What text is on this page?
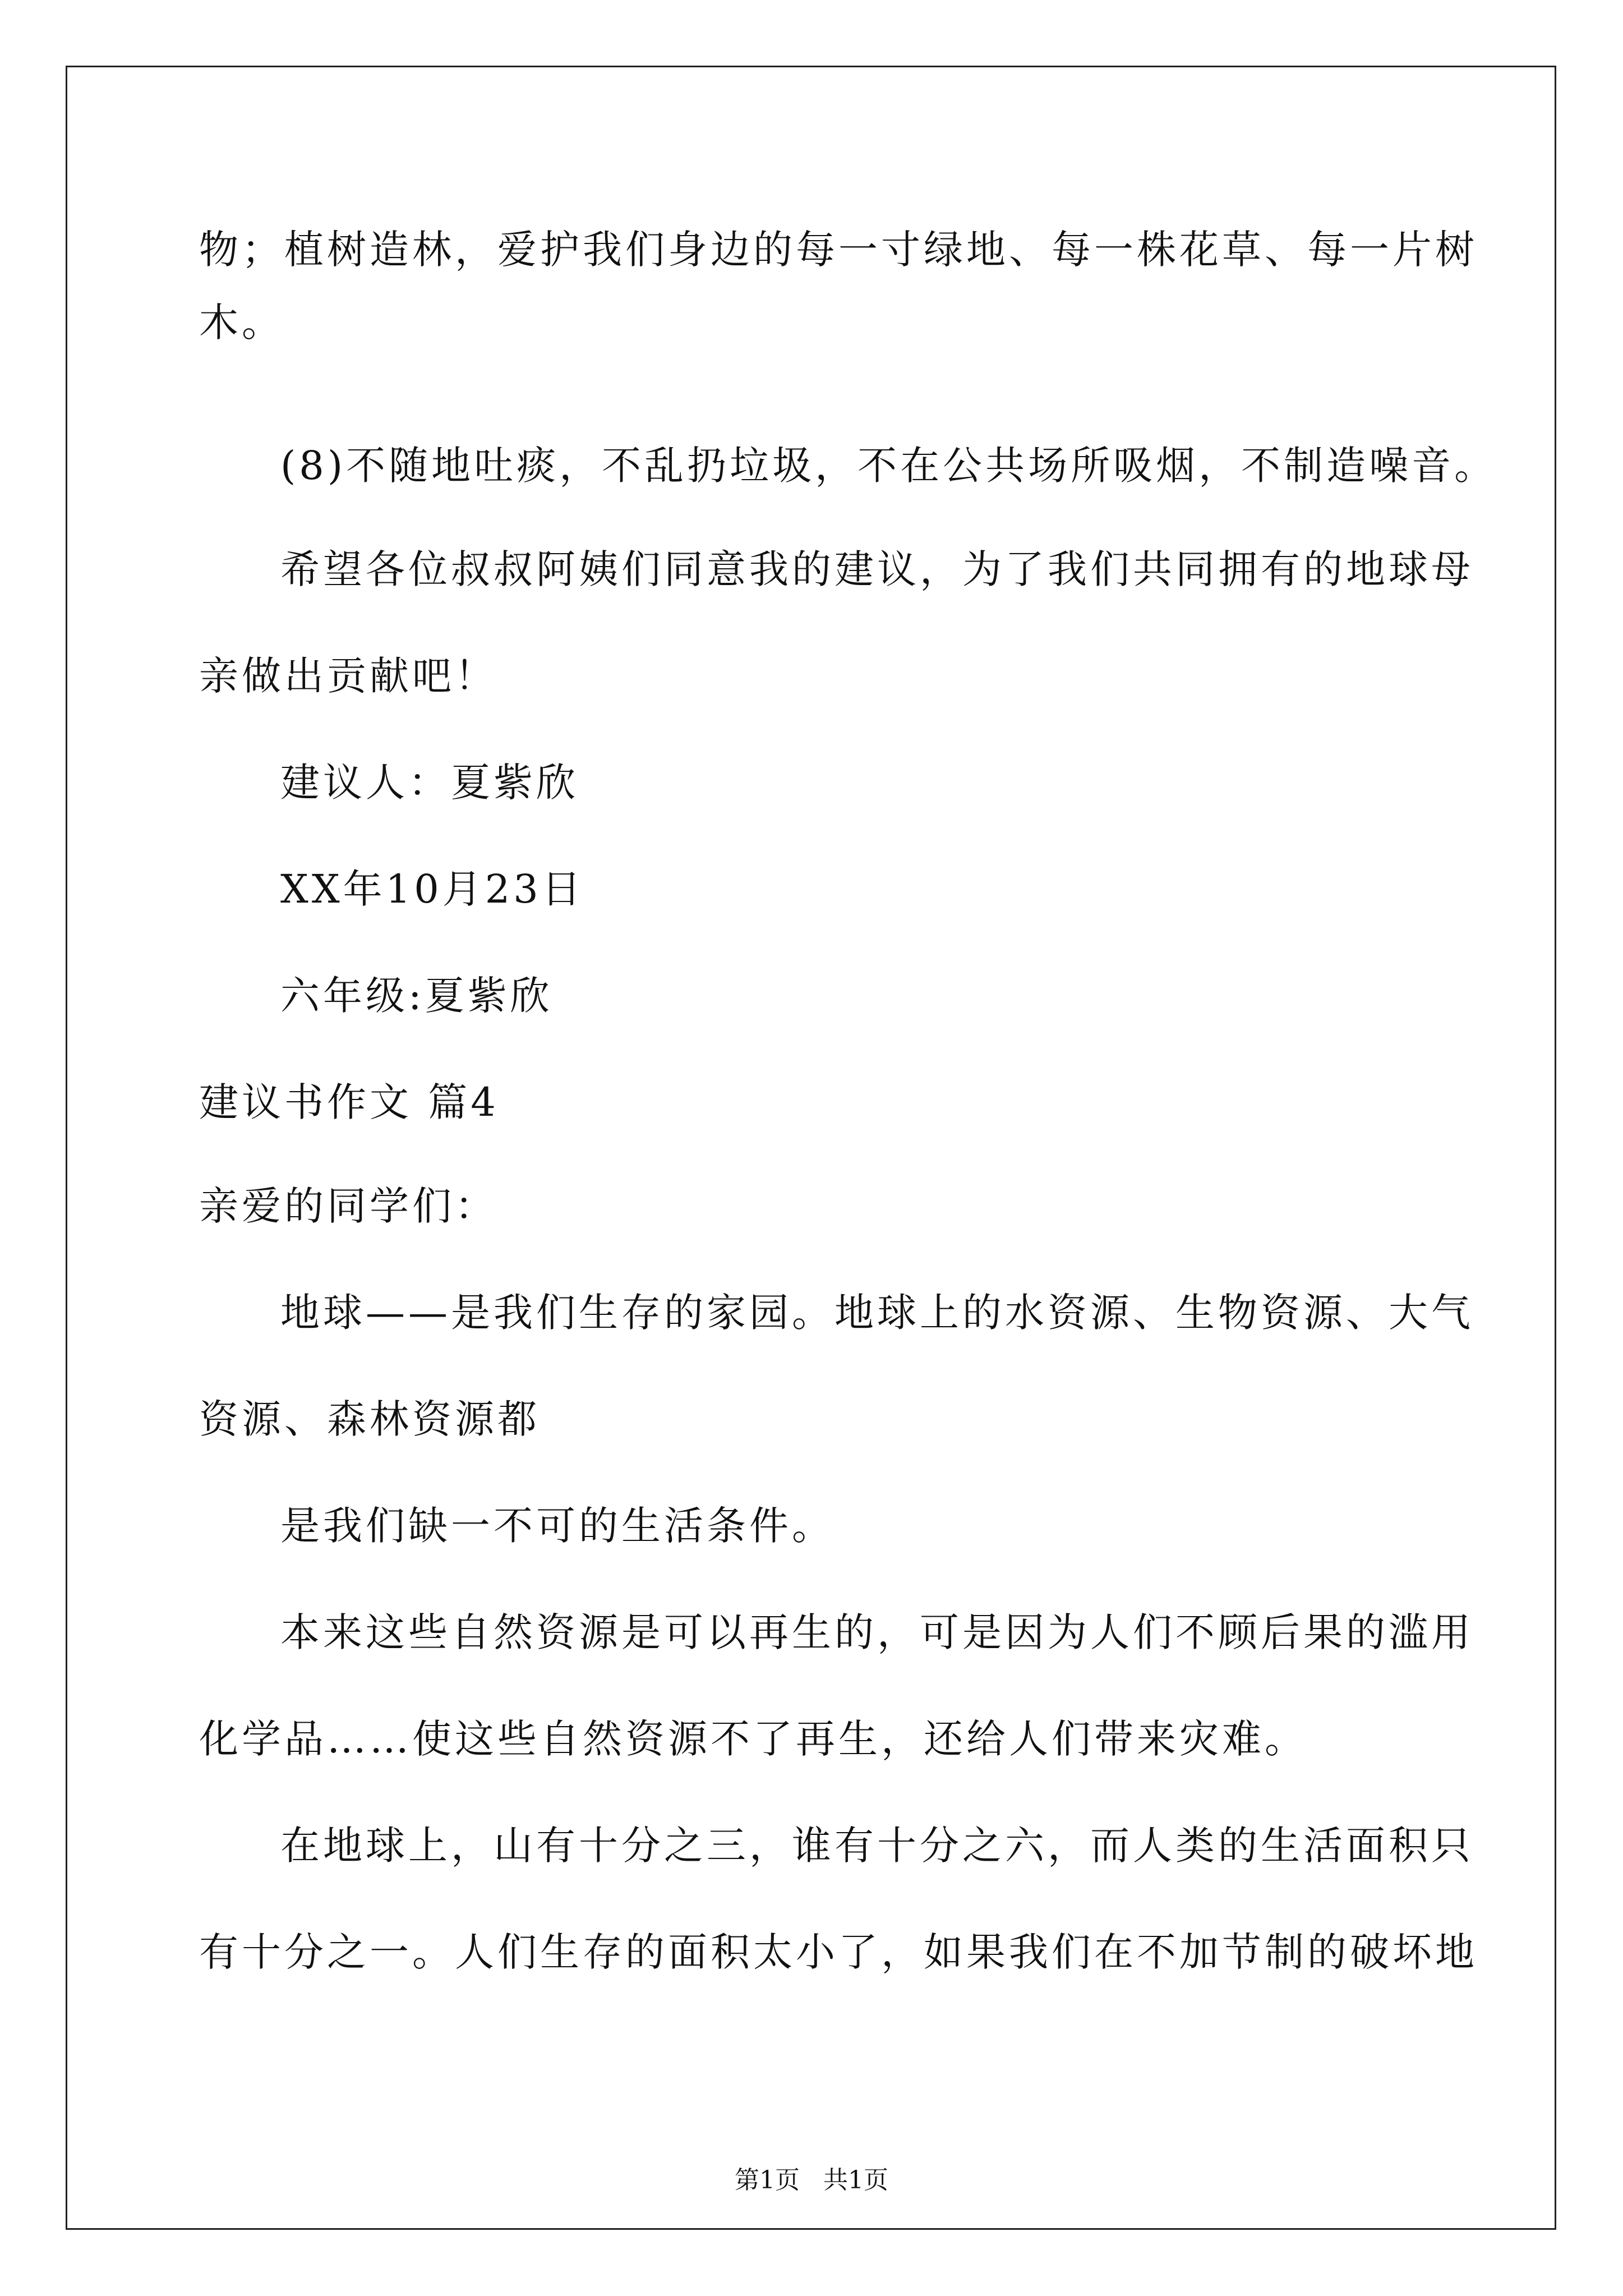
物；植树造林，爱护我们身边的每一寸绿地、每一株花草、每一片树
木。
(8)不随地吐痰，不乱扔垃圾，不在公共场所吸烟，不制造噪音。
希望各位叔叔阿姨们同意我的建议，为了我们共同拥有的地球母
亲做出贡献吧！
建议人：夏紫欣
XX年10月23日
六年级:夏紫欣
建议书作文 篇4
亲爱的同学们：
地球——是我们生存的家园。地球上的水资源、生物资源、大气
资源、森林资源都
是我们缺一不可的生活条件。
本来这些自然资源是可以再生的，可是因为人们不顾后果的滥用
化学品……使这些自然资源不了再生，还给人们带来灾难。
在地球上，山有十分之三，谁有十分之六，而人类的生活面积只
有十分之一。人们生存的面积太小了，如果我们在不加节制的破坏地
第1页 共1页
